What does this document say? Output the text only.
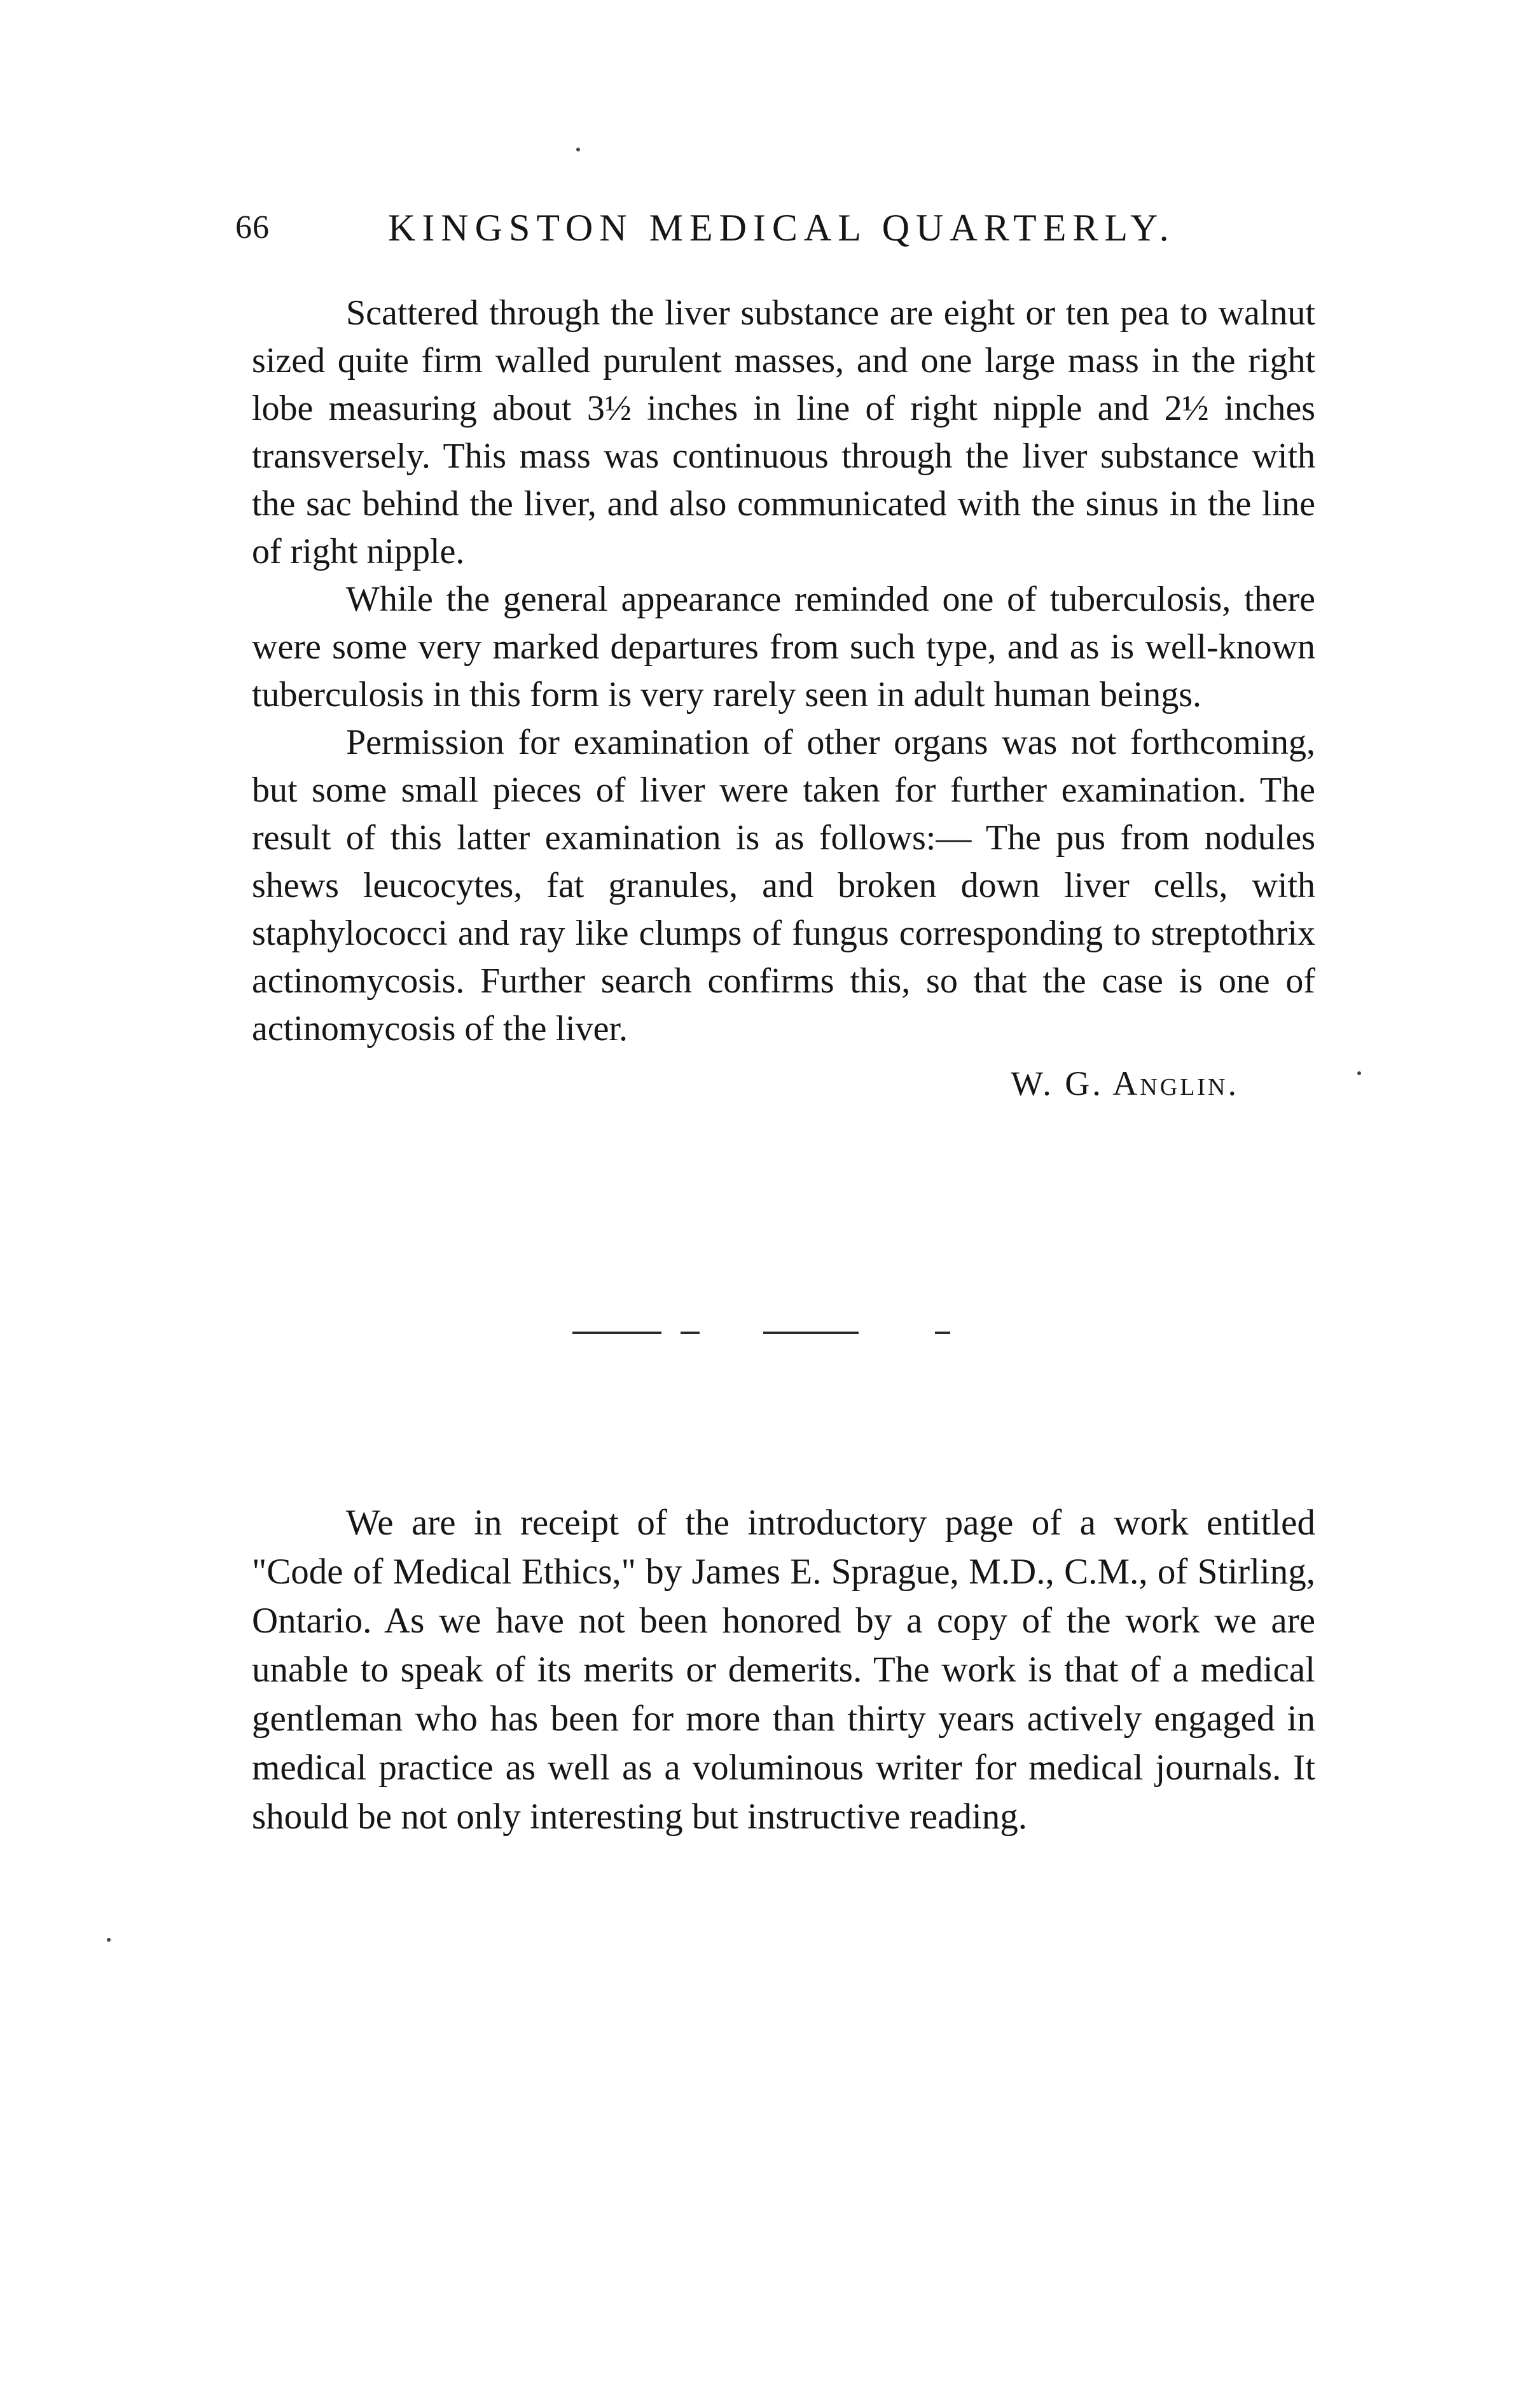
66	KINGSTON MEDICAL QUARTERLY.

Scattered through the liver substance are eight or ten pea to walnut sized quite firm walled purulent masses, and one large mass in the right lobe measuring about 3½ inches in line of right nipple and 2½ inches transversely. This mass was continuous through the liver substance with the sac behind the liver, and also communicated with the sinus in the line of right nipple.

While the general appearance reminded one of tuberculosis, there were some very marked departures from such type, and as is well-known tuberculosis in this form is very rarely seen in adult human beings.

Permission for examination of other organs was not forthcoming, but some small pieces of liver were taken for further examination. The result of this latter examination is as follows:— The pus from nodules shews leucocytes, fat granules, and broken down liver cells, with staphylococci and ray like clumps of fungus corresponding to streptothrix actinomycosis. Further search confirms this, so that the case is one of actinomycosis of the liver.

W. G. Anglin.

We are in receipt of the introductory page of a work entitled "Code of Medical Ethics," by James E. Sprague, M.D., C.M., of Stirling, Ontario. As we have not been honored by a copy of the work we are unable to speak of its merits or demerits. The work is that of a medical gentleman who has been for more than thirty years actively engaged in medical practice as well as a voluminous writer for medical journals. It should be not only interesting but instructive reading.
